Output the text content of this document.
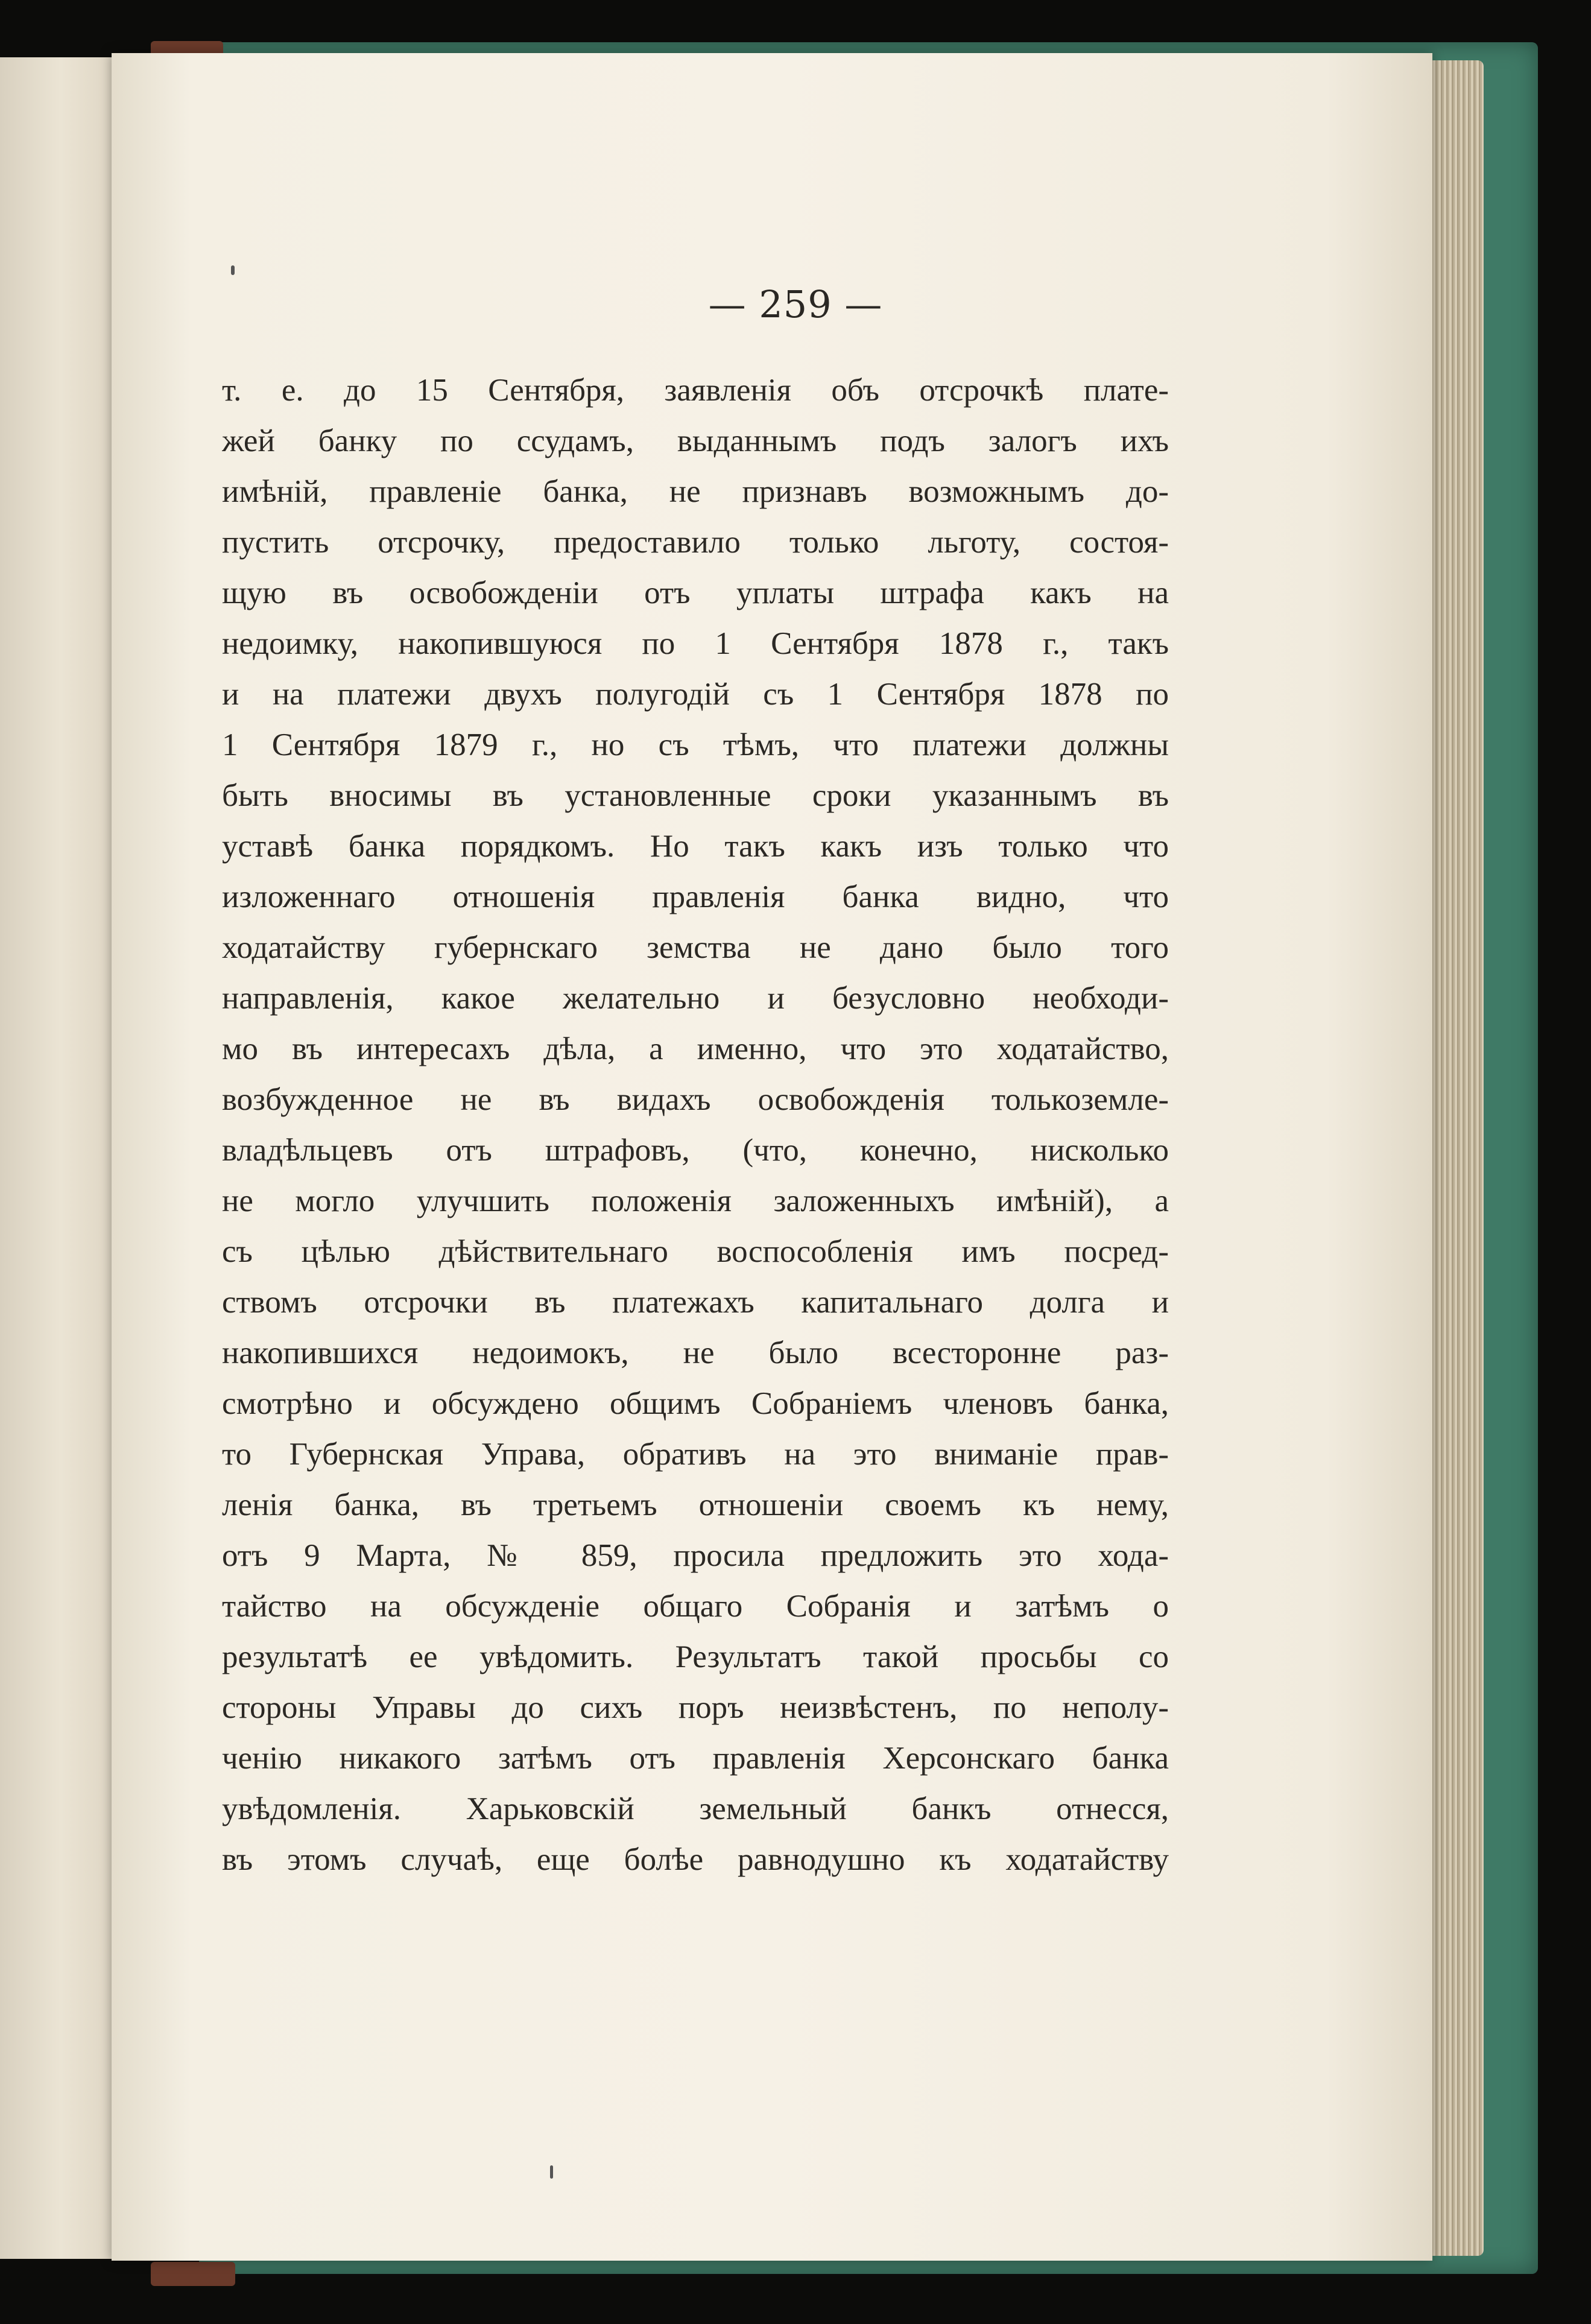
— 259 —
т. е. до 15 Сентября, заявленія объ отсрочкѣ плате-
жей банку по ссудамъ, выданнымъ подъ залогъ ихъ
имѣній, правленіе банка, не признавъ возможнымъ до-
пустить отсрочку, предоставило только льготу, состоя-
щую въ освобожденіи отъ уплаты штрафа какъ на
недоимку, накопившуюся по 1 Сентября 1878 г., такъ
и на платежи двухъ полугодій съ 1 Сентября 1878 по
1 Сентября 1879 г., но съ тѣмъ, что платежи должны
быть вносимы въ установленные сроки указаннымъ въ
уставѣ банка порядкомъ. Но такъ какъ изъ только что
изложеннаго отношенія правленія банка видно, что
ходатайству губернскаго земства не дано было того
направленія, какое желательно и безусловно необходи-
мо въ интересахъ дѣла, а именно, что это ходатайство,
возбужденное не въ видахъ освобожденія толькоземле-
владѣльцевъ отъ штрафовъ, (что, конечно, нисколько
не могло улучшить положенія заложенныхъ имѣній), а
съ цѣлью дѣйствительнаго воспособленія имъ посред-
ствомъ отсрочки въ платежахъ капитальнаго долга и
накопившихся недоимокъ, не было всесторонне раз-
смотрѣно и обсуждено общимъ Собраніемъ членовъ банка,
то Губернская Управа, обративъ на это вниманіе прав-
ленія банка, въ третьемъ отношеніи своемъ къ нему,
отъ 9 Марта, № 859, просила предложить это хода-
тайство на обсужденіе общаго Собранія и затѣмъ о
результатѣ ее увѣдомить. Результатъ такой просьбы со
стороны Управы до сихъ поръ неизвѣстенъ, по неполу-
ченію никакого затѣмъ отъ правленія Херсонскаго банка
увѣдомленія. Харьковскій земельный банкъ отнесся,
въ этомъ случаѣ, еще болѣе равнодушно къ ходатайству
